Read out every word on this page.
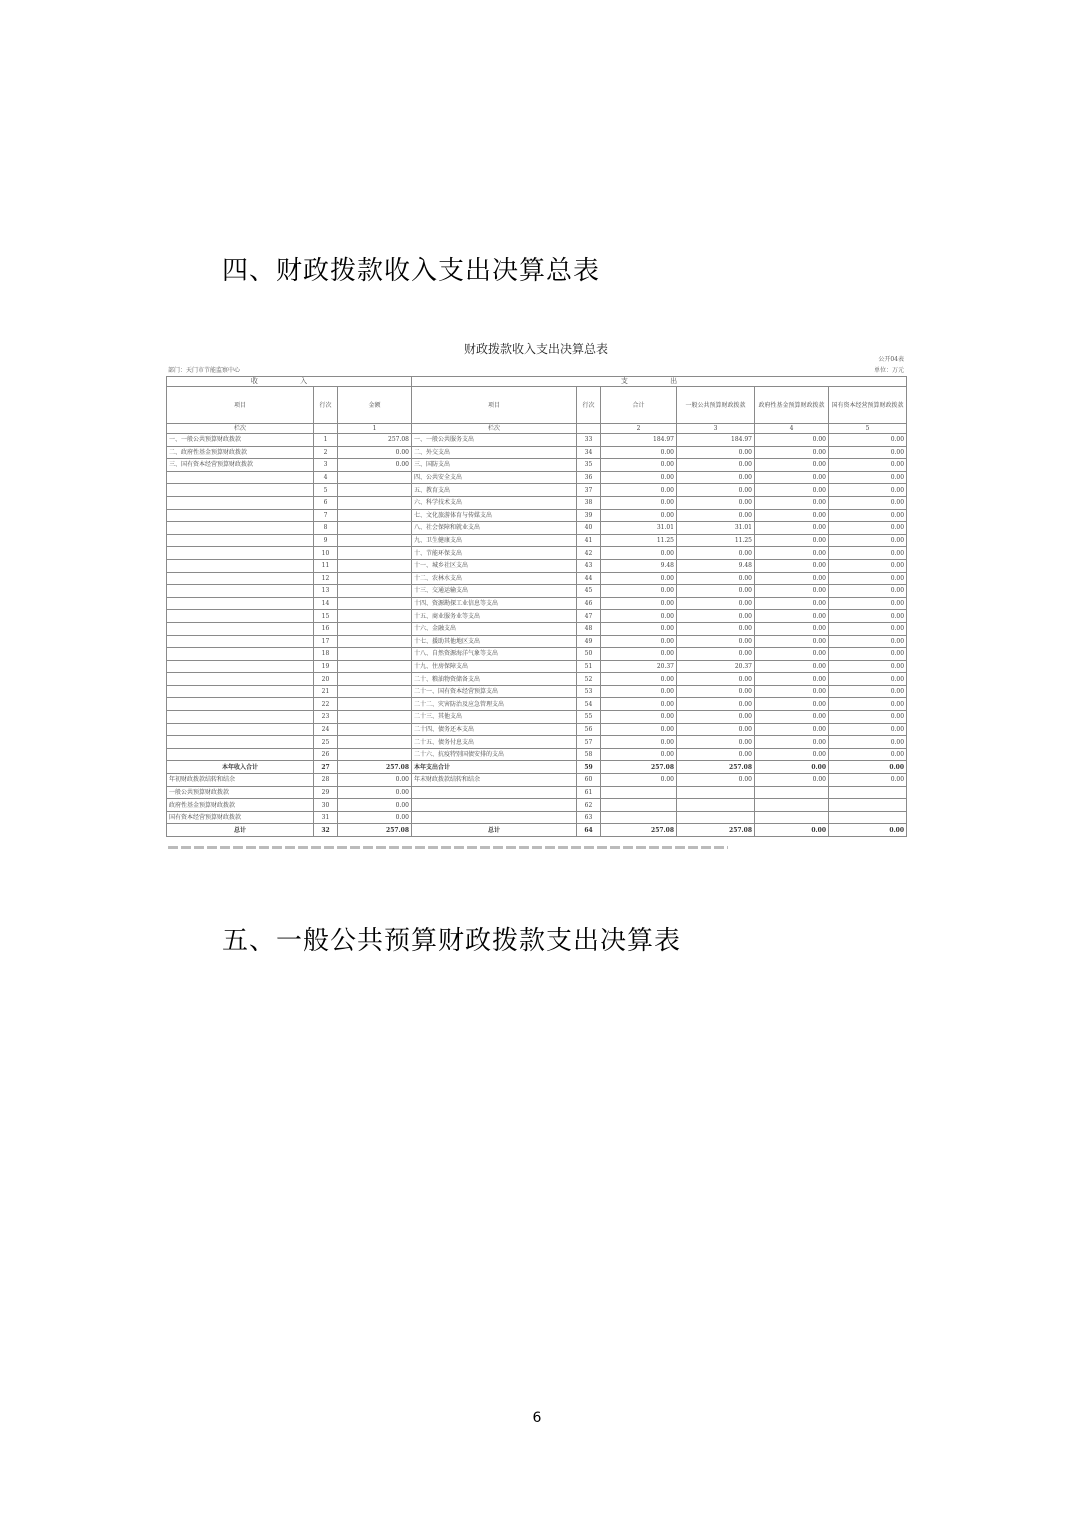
四、财政拨款收入支出决算总表
财政拨款收入支出决算总表
公开04表
部门：天门市节能监察中心	单位：万元
收 入			支 出					
项目	行次	金额	项目	行次	合计	一般公共预算财政拨款	政府性基金预算财政拨款	国有资本经营预算财政拨款
栏次		1	栏次		2	3	4	5
一、一般公共预算财政拨款	1	257.08	一、一般公共服务支出	33	184.97	184.97	0.00	0.00
二、政府性基金预算财政拨款	2	0.00	二、外交支出	34	0.00	0.00	0.00	0.00
三、国有资本经营预算财政拨款	3	0.00	三、国防支出	35	0.00	0.00	0.00	0.00
	4		四、公共安全支出	36	0.00	0.00	0.00	0.00
	5		五、教育支出	37	0.00	0.00	0.00	0.00
	6		六、科学技术支出	38	0.00	0.00	0.00	0.00
	7		七、文化旅游体育与传媒支出	39	0.00	0.00	0.00	0.00
	8		八、社会保障和就业支出	40	31.01	31.01	0.00	0.00
	9		九、卫生健康支出	41	11.25	11.25	0.00	0.00
	10		十、节能环保支出	42	0.00	0.00	0.00	0.00
	11		十一、城乡社区支出	43	9.48	9.48	0.00	0.00
	12		十二、农林水支出	44	0.00	0.00	0.00	0.00
	13		十三、交通运输支出	45	0.00	0.00	0.00	0.00
	14		十四、资源勘探工业信息等支出	46	0.00	0.00	0.00	0.00
	15		十五、商业服务业等支出	47	0.00	0.00	0.00	0.00
	16		十六、金融支出	48	0.00	0.00	0.00	0.00
	17		十七、援助其他地区支出	49	0.00	0.00	0.00	0.00
	18		十八、自然资源海洋气象等支出	50	0.00	0.00	0.00	0.00
	19		十九、住房保障支出	51	20.37	20.37	0.00	0.00
	20		二十、粮油物资储备支出	52	0.00	0.00	0.00	0.00
	21		二十一、国有资本经营预算支出	53	0.00	0.00	0.00	0.00
	22		二十二、灾害防治及应急管理支出	54	0.00	0.00	0.00	0.00
	23		二十三、其他支出	55	0.00	0.00	0.00	0.00
	24		二十四、债务还本支出	56	0.00	0.00	0.00	0.00
	25		二十五、债务付息支出	57	0.00	0.00	0.00	0.00
	26		二十六、抗疫特别国债安排的支出	58	0.00	0.00	0.00	0.00
本年收入合计	27	257.08	本年支出合计	59	257.08	257.08	0.00	0.00
年初财政拨款结转和结余	28	0.00	年末财政拨款结转和结余	60	0.00	0.00	0.00	0.00
一般公共预算财政拨款	29	0.00		61				
政府性基金预算财政拨款	30	0.00		62				
国有资本经营预算财政拨款	31	0.00		63				
总计	32	257.08	总计	64	257.08	257.08	0.00	0.00
五、一般公共预算财政拨款支出决算表
6
